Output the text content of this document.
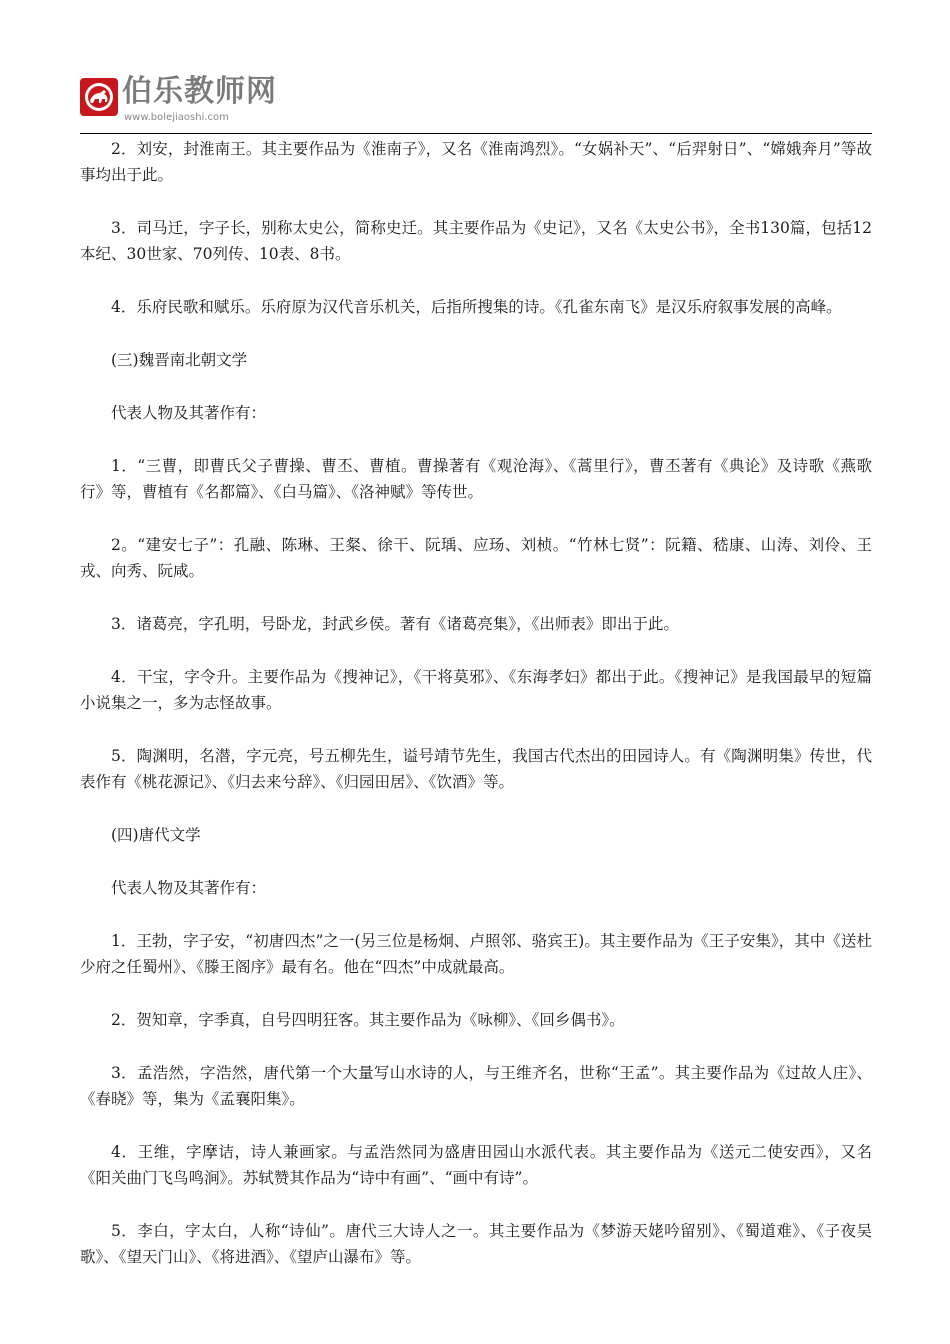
伯乐教师网
www.bolejiaoshi.com

2．刘安，封淮南王。其主要作品为《淮南子》，又名《淮南鸿烈》。“女娲补天”、“后羿射日”、“嫦娥奔月”等故事均出于此。

3．司马迁，字子长，别称太史公，简称史迁。其主要作品为《史记》，又名《太史公书》，全书130篇，包括12本纪、30世家、70列传、10表、8书。

4．乐府民歌和赋乐。乐府原为汉代音乐机关，后指所搜集的诗。《孔雀东南飞》是汉乐府叙事发展的高峰。

(三)魏晋南北朝文学

代表人物及其著作有：

1．“三曹，即曹氏父子曹操、曹丕、曹植。曹操著有《观沧海》、《蒿里行》，曹丕著有《典论》及诗歌《燕歌行》等，曹植有《名都篇》、《白马篇》、《洛神赋》等传世。

2。“建安七子”：孔融、陈琳、王粲、徐干、阮瑀、应玚、刘桢。“竹林七贤”：阮籍、嵇康、山涛、刘伶、王戎、向秀、阮咸。

3．诸葛亮，字孔明，号卧龙，封武乡侯。著有《诸葛亮集》，《出师表》即出于此。

4．干宝，字令升。主要作品为《搜神记》，《干将莫邪》、《东海孝妇》都出于此。《搜神记》是我国最早的短篇小说集之一，多为志怪故事。

5．陶渊明，名潜，字元亮，号五柳先生，谥号靖节先生，我国古代杰出的田园诗人。有《陶渊明集》传世，代表作有《桃花源记》、《归去来兮辞》、《归园田居》、《饮酒》等。

(四)唐代文学

代表人物及其著作有：

1．王勃，字子安，“初唐四杰”之一(另三位是杨炯、卢照邻、骆宾王)。其主要作品为《王子安集》，其中《送杜少府之任蜀州》、《滕王阁序》最有名。他在“四杰”中成就最高。

2．贺知章，字季真，自号四明狂客。其主要作品为《咏柳》、《回乡偶书》。

3．孟浩然，字浩然，唐代第一个大量写山水诗的人，与王维齐名，世称“王孟”。其主要作品为《过故人庄》、《春晓》等，集为《孟襄阳集》。

4．王维，字摩诘，诗人兼画家。与孟浩然同为盛唐田园山水派代表。其主要作品为《送元二使安西》，又名《阳关曲门飞鸟鸣涧》。苏轼赞其作品为“诗中有画”、“画中有诗”。

5．李白，字太白，人称“诗仙”。唐代三大诗人之一。其主要作品为《梦游天姥吟留别》、《蜀道难》、《子夜吴歌》、《望天门山》、《将进酒》、《望庐山瀑布》等。
